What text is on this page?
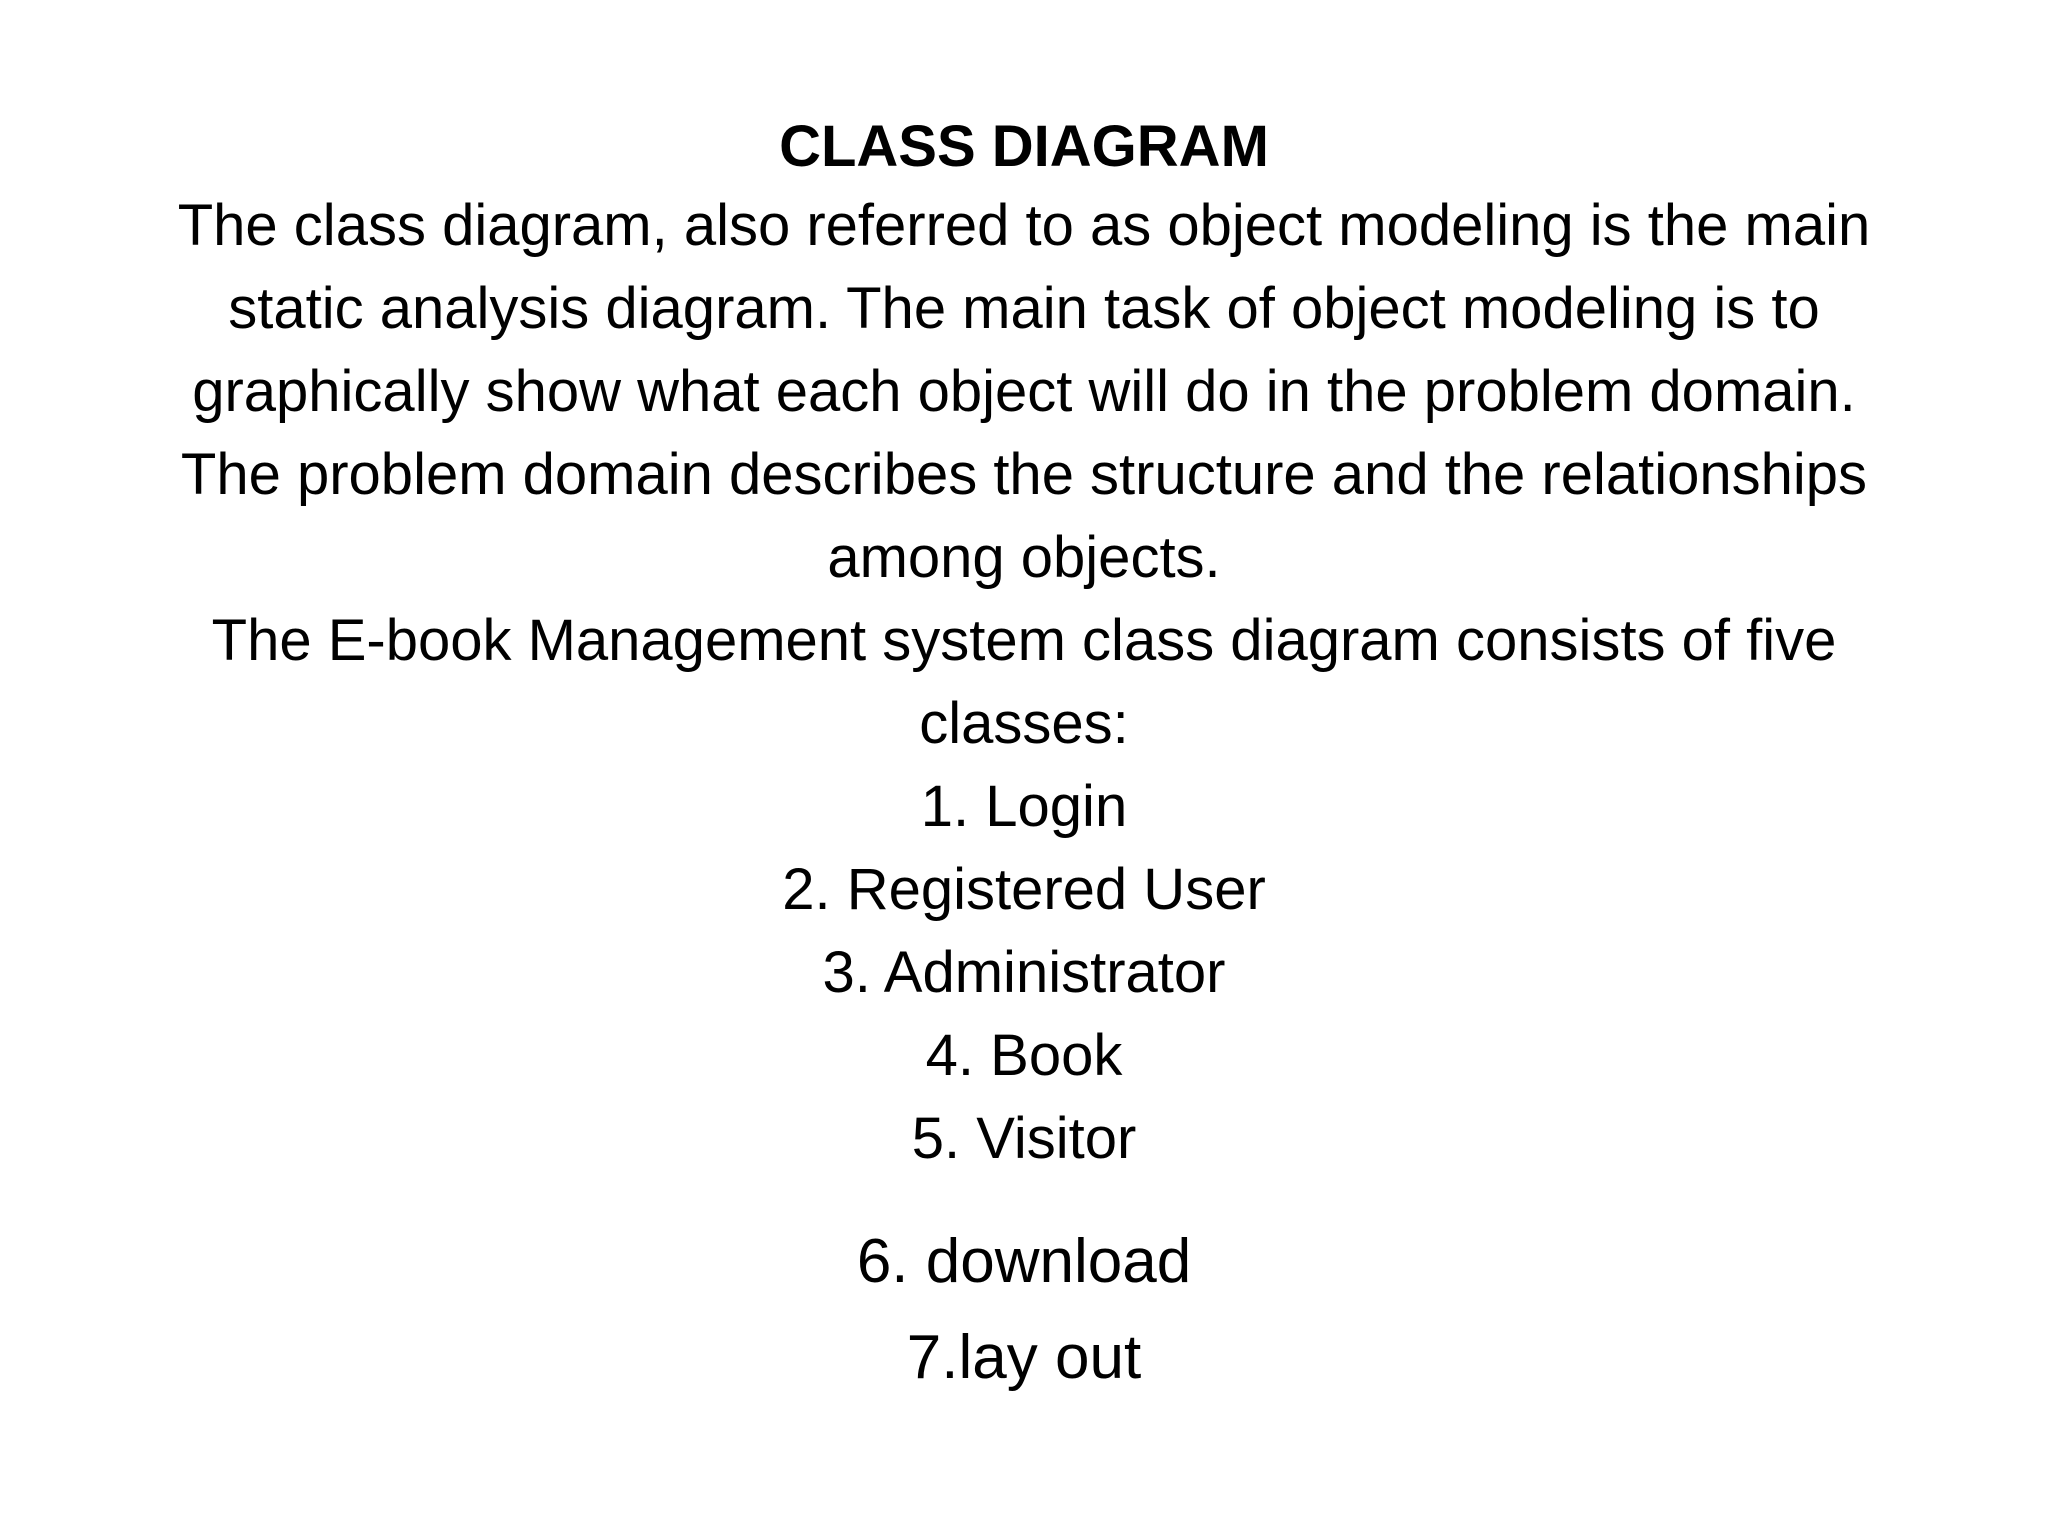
CLASS DIAGRAM
The class diagram, also referred to as object modeling is the main
static analysis diagram. The main task of object modeling is to
graphically show what each object will do in the problem domain.
The problem domain describes the structure and the relationships
among objects.
The E-book Management system class diagram consists of five
classes:
1. Login
2. Registered User
3. Administrator
4. Book
5. Visitor
6. download
7.lay out
